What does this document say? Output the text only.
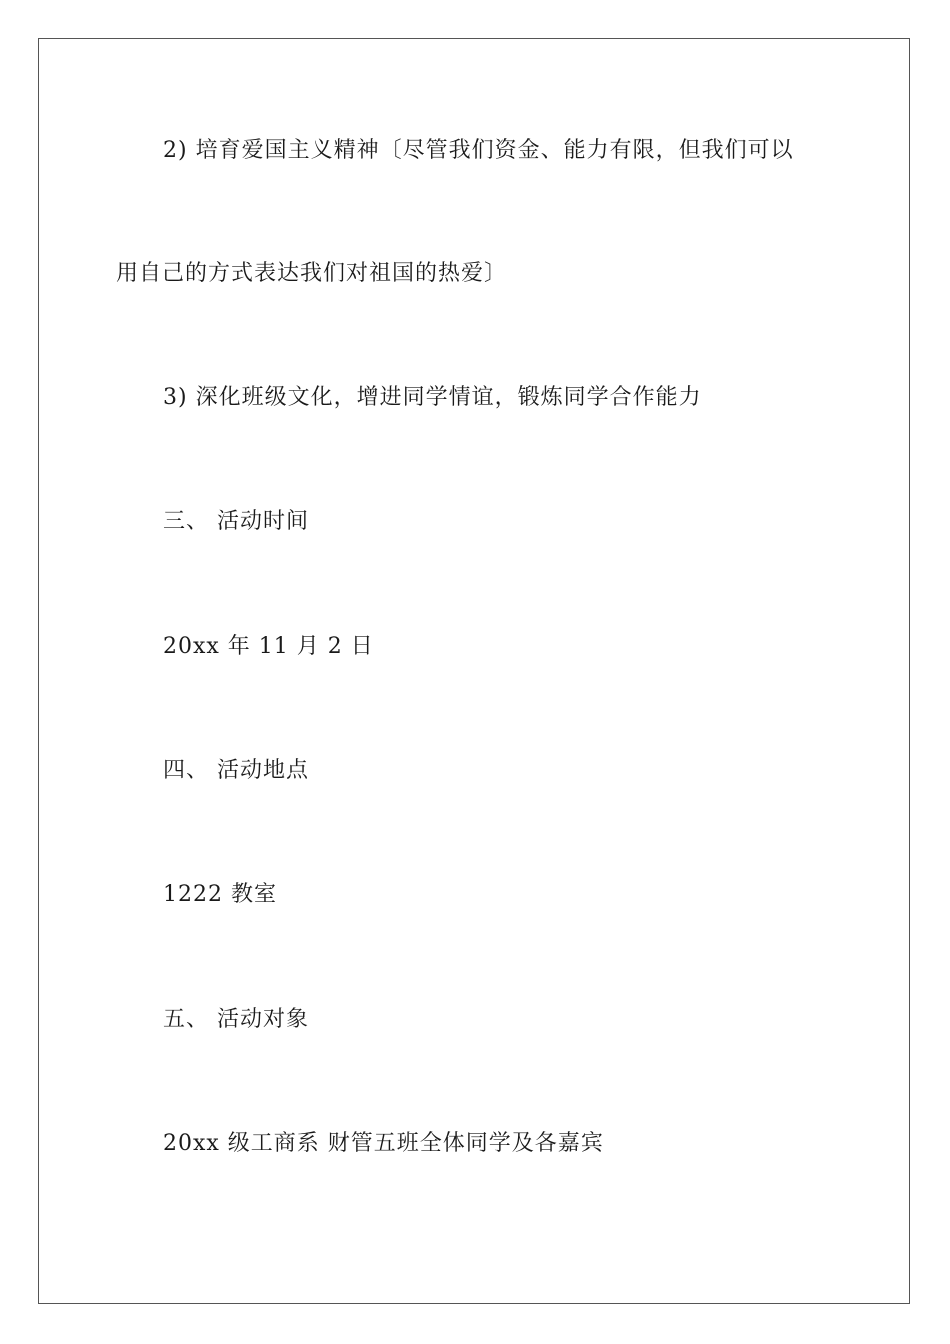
2) 培育爱国主义精神〔尽管我们资金、能力有限，但我们可以
用自己的方式表达我们对祖国的热爱〕
3) 深化班级文化，增进同学情谊，锻炼同学合作能力
三、 活动时间
20xx 年 11 月 2 日
四、 活动地点
1222 教室
五、 活动对象
20xx 级工商系 财管五班全体同学及各嘉宾
